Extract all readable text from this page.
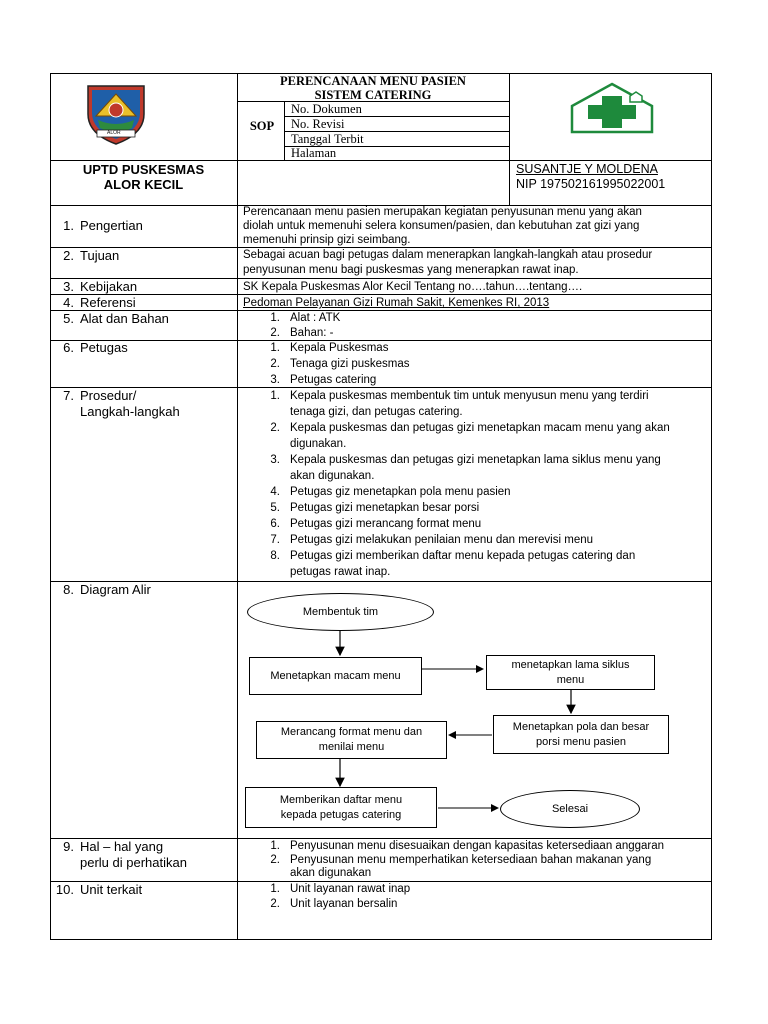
ALOR
PERENCANAAN MENU PASIEN
SISTEM CATERING
SOP
No. Dokumen
No. Revisi
Tanggal Terbit
Halaman
UPTD PUSKESMAS
ALOR KECIL
SUSANTJE Y MOLDENA
NIP 197502161995022001
1. Pengertian
2. Tujuan
3. Kebijakan
4. Referensi
5. Alat dan Bahan
6. Petugas
7. Prosedur/
Langkah-langkah
8. Diagram Alir
9. Hal – hal yang
perlu di perhatikan
10. Unit terkait
Perencanaan menu pasien merupakan kegiatan penyusunan menu yang akan
diolah untuk memenuhi selera konsumen/pasien, dan kebutuhan zat gizi yang
memenuhi prinsip gizi seimbang.
Sebagai acuan bagi petugas dalam menerapkan langkah-langkah atau prosedur
penyusunan menu bagi puskesmas yang menerapkan rawat inap.
SK Kepala Puskesmas Alor Kecil Tentang no….tahun….tentang….
Pedoman Pelayanan Gizi Rumah Sakit, Kemenkes RI, 2013
1. Alat : ATK
2. Bahan: -
1. Kepala Puskesmas
2. Tenaga gizi puskesmas
3. Petugas catering
1. Kepala puskesmas membentuk tim untuk menyusun menu yang terdiri
tenaga gizi, dan petugas catering.
2. Kepala puskesmas dan petugas gizi menetapkan macam menu yang akan
digunakan.
3. Kepala puskesmas dan petugas gizi menetapkan lama siklus menu yang
akan digunakan.
4. Petugas giz menetapkan pola menu pasien
5. Petugas gizi menetapkan besar porsi
6. Petugas gizi merancang format menu
7. Petugas gizi melakukan penilaian menu dan merevisi menu
8. Petugas gizi memberikan daftar menu kepada petugas catering dan
petugas rawat inap.
Membentuk tim
Menetapkan macam menu
menetapkan lama siklus
menu
Menetapkan pola dan besar
porsi menu pasien
Merancang format menu dan
menilai menu
Memberikan daftar menu
kepada petugas catering	Selesai
1. Penyusunan menu disesuaikan dengan kapasitas ketersediaan anggaran
2. Penyusunan menu memperhatikan ketersediaan bahan makanan yang
akan digunakan
1. Unit layanan rawat inap
2. Unit layanan bersalin
